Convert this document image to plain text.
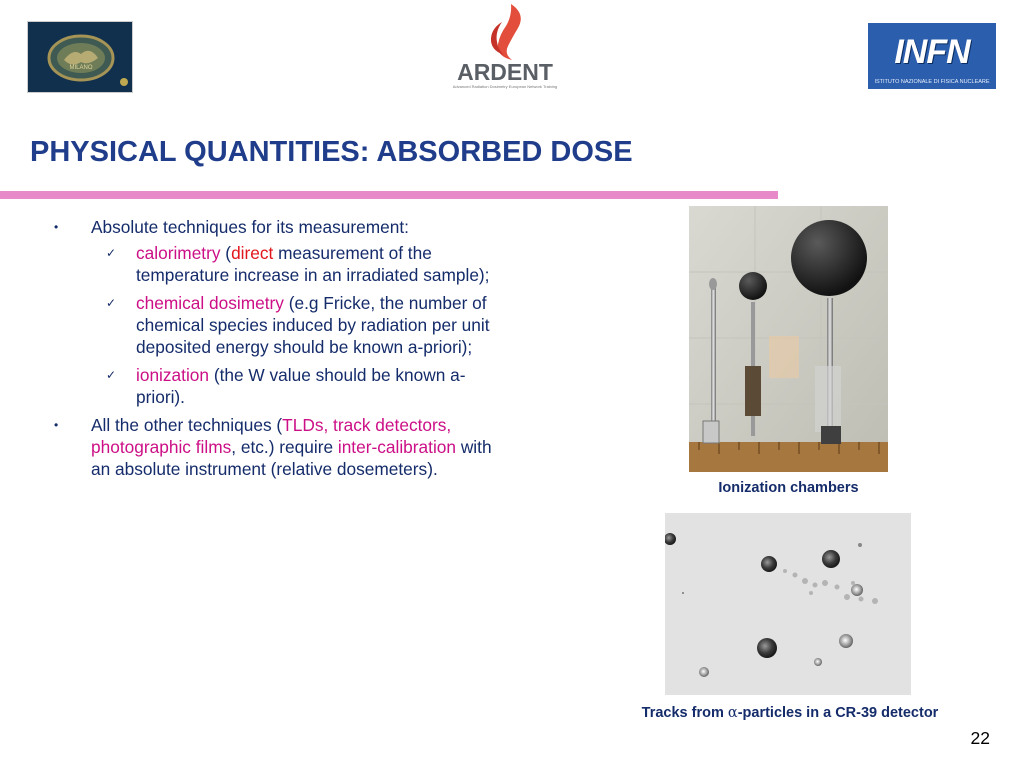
MILANO	ARDENT
Advanced Radiation Dosimetry European Network Training
INFN
ISTITUTO NAZIONALE DI FISICA NUCLEARE
PHYSICAL QUANTITIES: ABSORBED DOSE
• Absolute techniques for its measurement:
✓ calorimetry (direct measurement of the temperature increase in an irradiated sample);
✓ chemical dosimetry (e.g Fricke, the number of chemical species induced by radiation per unit deposited energy should be known a-priori);
✓ ionization (the W value should be known a-priori).
• All the other techniques (TLDs, track detectors, photographic films, etc.) require inter-calibration with an absolute instrument (relative dosemeters).
Ionization chambers
Tracks from α-particles in a CR-39 detector
22
